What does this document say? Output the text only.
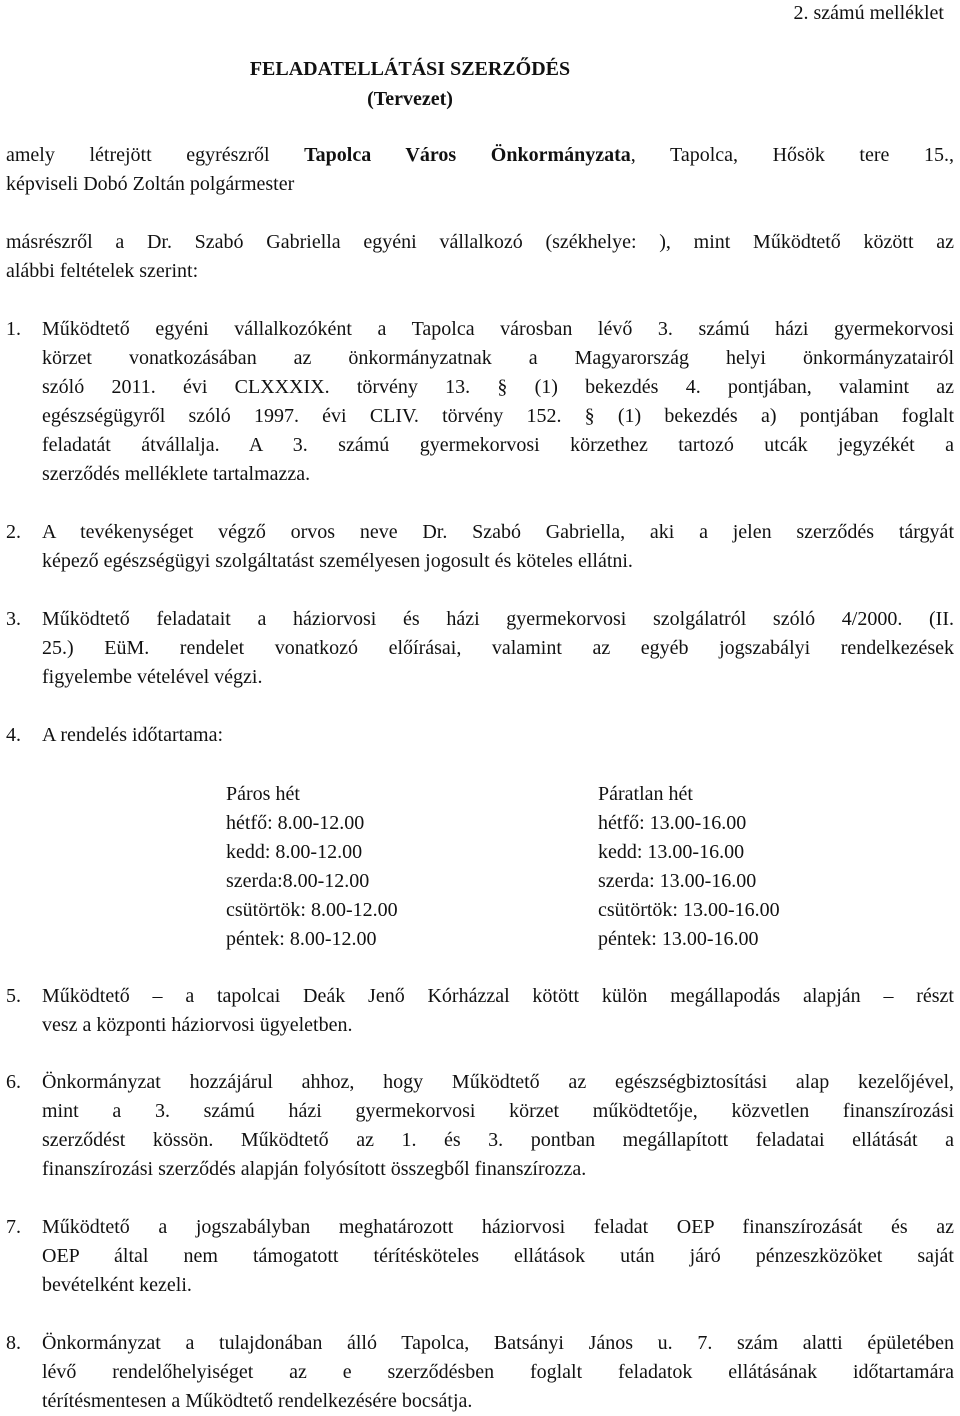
2. számú melléklet
FELADATELLÁTÁSI SZERZŐDÉS
(Tervezet)
amely létrejött egyrészről Tapolca Város Önkormányzata, Tapolca, Hősök tere 15.,
képviseli Dobó Zoltán polgármester
másrészről a Dr. Szabó Gabriella egyéni vállalkozó (székhelye: ), mint Működtető között az
alábbi feltételek szerint:
1. Működtető egyéni vállalkozóként a Tapolca városban lévő 3. számú házi gyermekorvosi
körzet vonatkozásában az önkormányzatnak a Magyarország helyi önkormányzatairól
szóló 2011. évi CLXXXIX. törvény 13. § (1) bekezdés 4. pontjában, valamint az
egészségügyről szóló 1997. évi CLIV. törvény 152. § (1) bekezdés a) pontjában foglalt
feladatát átvállalja. A 3. számú gyermekorvosi körzethez tartozó utcák jegyzékét a
szerződés melléklete tartalmazza.
2. A tevékenységet végző orvos neve Dr. Szabó Gabriella, aki a jelen szerződés tárgyát
képező egészségügyi szolgáltatást személyesen jogosult és köteles ellátni.
3. Működtető feladatait a háziorvosi és házi gyermekorvosi szolgálatról szóló 4/2000. (II.
25.) EüM. rendelet vonatkozó előírásai, valamint az egyéb jogszabályi rendelkezések
figyelembe vételével végzi.
4. A rendelés időtartama:
Páros hét
hétfő: 8.00-12.00
kedd: 8.00-12.00
szerda:8.00-12.00
csütörtök: 8.00-12.00
péntek: 8.00-12.00
Páratlan hét
hétfő: 13.00-16.00
kedd: 13.00-16.00
szerda: 13.00-16.00
csütörtök: 13.00-16.00
péntek: 13.00-16.00
5. Működtető – a tapolcai Deák Jenő Kórházzal kötött külön megállapodás alapján – részt
vesz a központi háziorvosi ügyeletben.
6. Önkormányzat hozzájárul ahhoz, hogy Működtető az egészségbiztosítási alap kezelőjével,
mint a 3. számú házi gyermekorvosi körzet működtetője, közvetlen finanszírozási
szerződést kössön. Működtető az 1. és 3. pontban megállapított feladatai ellátását a
finanszírozási szerződés alapján folyósított összegből finanszírozza.
7. Működtető a jogszabályban meghatározott háziorvosi feladat OEP finanszírozását és az
OEP által nem támogatott térítésköteles ellátások után járó pénzeszközöket saját
bevételként kezeli.
8. Önkormányzat a tulajdonában álló Tapolca, Batsányi János u. 7. szám alatti épületében
lévő rendelőhelyiséget az e szerződésben foglalt feladatok ellátásának időtartamára
térítésmentesen a Működtető rendelkezésére bocsátja.
